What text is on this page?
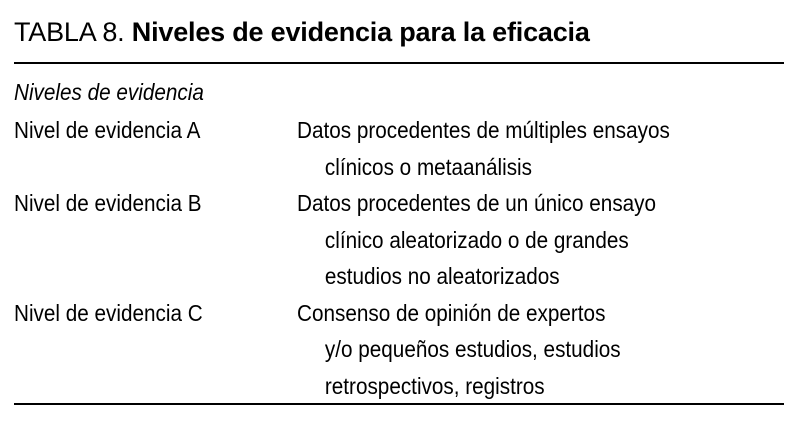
TABLA 8. Niveles de evidencia para la eficacia
Niveles de evidencia
Nivel de evidencia A	Datos procedentes de múltiples ensayos
clínicos o metaanálisis
Nivel de evidencia B	Datos procedentes de un único ensayo
clínico aleatorizado o de grandes
estudios no aleatorizados
Nivel de evidencia C	Consenso de opinión de expertos
y/o pequeños estudios, estudios
retrospectivos, registros
